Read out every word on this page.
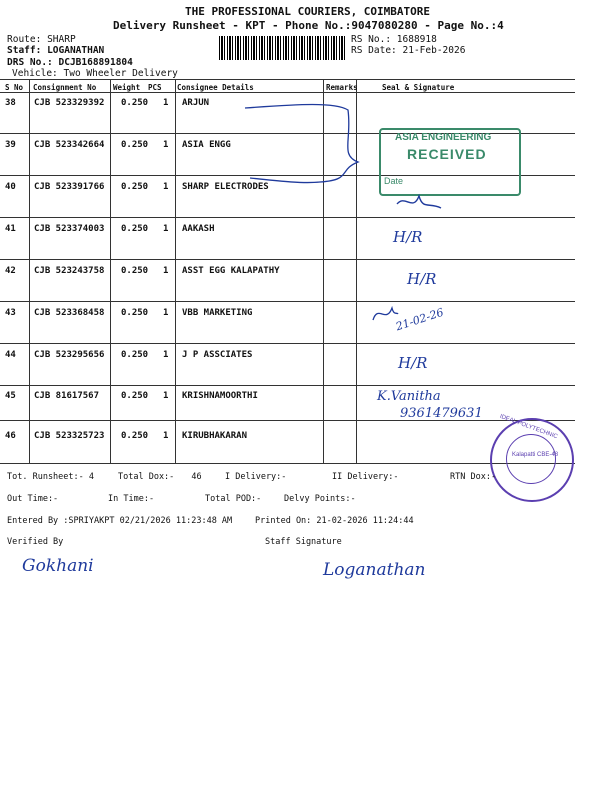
THE PROFESSIONAL COURIERS, COIMBATORE
Delivery Runsheet - KPT - Phone No.:9047080280 - Page No.:4
Route: SHARP
Staff: LOGANATHAN
DRS No.: DCJB168891804
Vehicle: Two Wheeler Delivery
RS No.: 1688918
RS Date: 21-Feb-2026
S No Consignment No Weight PCS Consignee Details	Remarks	Seal & Signature
38 CJB 523329392 0.250 1 ARJUN
39 CJB 523342664 0.250 1 ASIA ENGG
40 CJB 523391766 0.250 1 SHARP ELECTRODES
41 CJB 523374003 0.250 1 AAKASH
42 CJB 523243758 0.250 1 ASST EGG KALAPATHY
43 CJB 523368458 0.250 1 VBB MARKETING
44 CJB 523295656 0.250 1 J P ASSCIATES
45 CJB 81617567 0.250 1 KRISHNAMOORTHI
46 CJB 523325723 0.250 1 KIRUBHAKARAN
ASIA ENGINEERING
RECEIVED
Date
H/R
H/R
21-02-26
H/R
K.Vanitha
9361479631
IDEAL POLYTECHNIC
Kalapatti CBE-48
Tot. Runsheet:- 4	Total Dox:- 46	I Delivery:-	II Delivery:-	RTN Dox:-
Out Time:-	In Time:-	Total POD:-	Delvy Points:-
Entered By :SPRIYAKPT 02/21/2026 11:23:48 AM	Printed On: 21-02-2026 11:24:44
Verified By	Staff Signature
Gokhani	Loganathan
